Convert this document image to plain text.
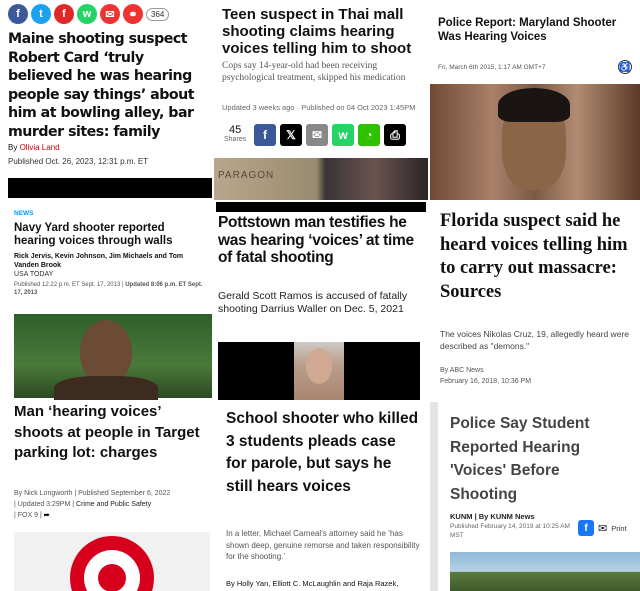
f	t	f	w	✉	⚭	364
Maine shooting suspect Robert Card ‘truly believed he was hearing people say things’ about him at bowling alley, bar murder sites: family
By Olivia Land
Published Oct. 26, 2023, 12:31 p.m. ET
Teen suspect in Thai mall shooting claims hearing voices telling him to shoot
Cops say 14-year-old had been receiving psychological treatment, skipped his medication
Updated 3 weeks ago · Published on 04 Oct 2023 1:45PM
45
Shares	f	𝕏	✉	w	◔	⎙
PARAGON
Police Report: Maryland Shooter Was Hearing Voices
Fri, March 6th 2015, 1:17 AM GMT+7	♿
NEWS
Navy Yard shooter reported hearing voices through walls
Rick Jervis, Kevin Johnson, Jim Michaels and Tom Vanden Brook
USA TODAY
Published 12:22 p.m. ET Sept. 17, 2013 | Updated 8:06 p.m. ET Sept. 17, 2013
Pottstown man testifies he was hearing ‘voices’ at time of fatal shooting
Gerald Scott Ramos is accused of fatally shooting Darrius Waller on Dec. 5, 2021
Florida suspect said he heard voices telling him to carry out massacre: Sources
The voices Nikolas Cruz, 19, allegedly heard were described as "demons."
By ABC News
February 16, 2018, 10:36 PM
Man ‘hearing voices’ shoots at people in Target parking lot: charges
By Nick Longworth | Published September 6, 2022
| Updated 3:29PM | Crime and Public Safety
| FOX 9 | ➦
School shooter who killed 3 students pleads case for parole, but says he still hears voices
In a letter, Michael Carneal’s attorney said he ‘has shown deep, genuine remorse and taken responsibility for the shooting.’
By Holly Yan, Elliott C. McLaughlin and Raja Razek,
Police Say Student Reported Hearing 'Voices' Before Shooting
KUNM | By KUNM News
Published February 14, 2019 at 10:25 AM MST
f ✉ Print
